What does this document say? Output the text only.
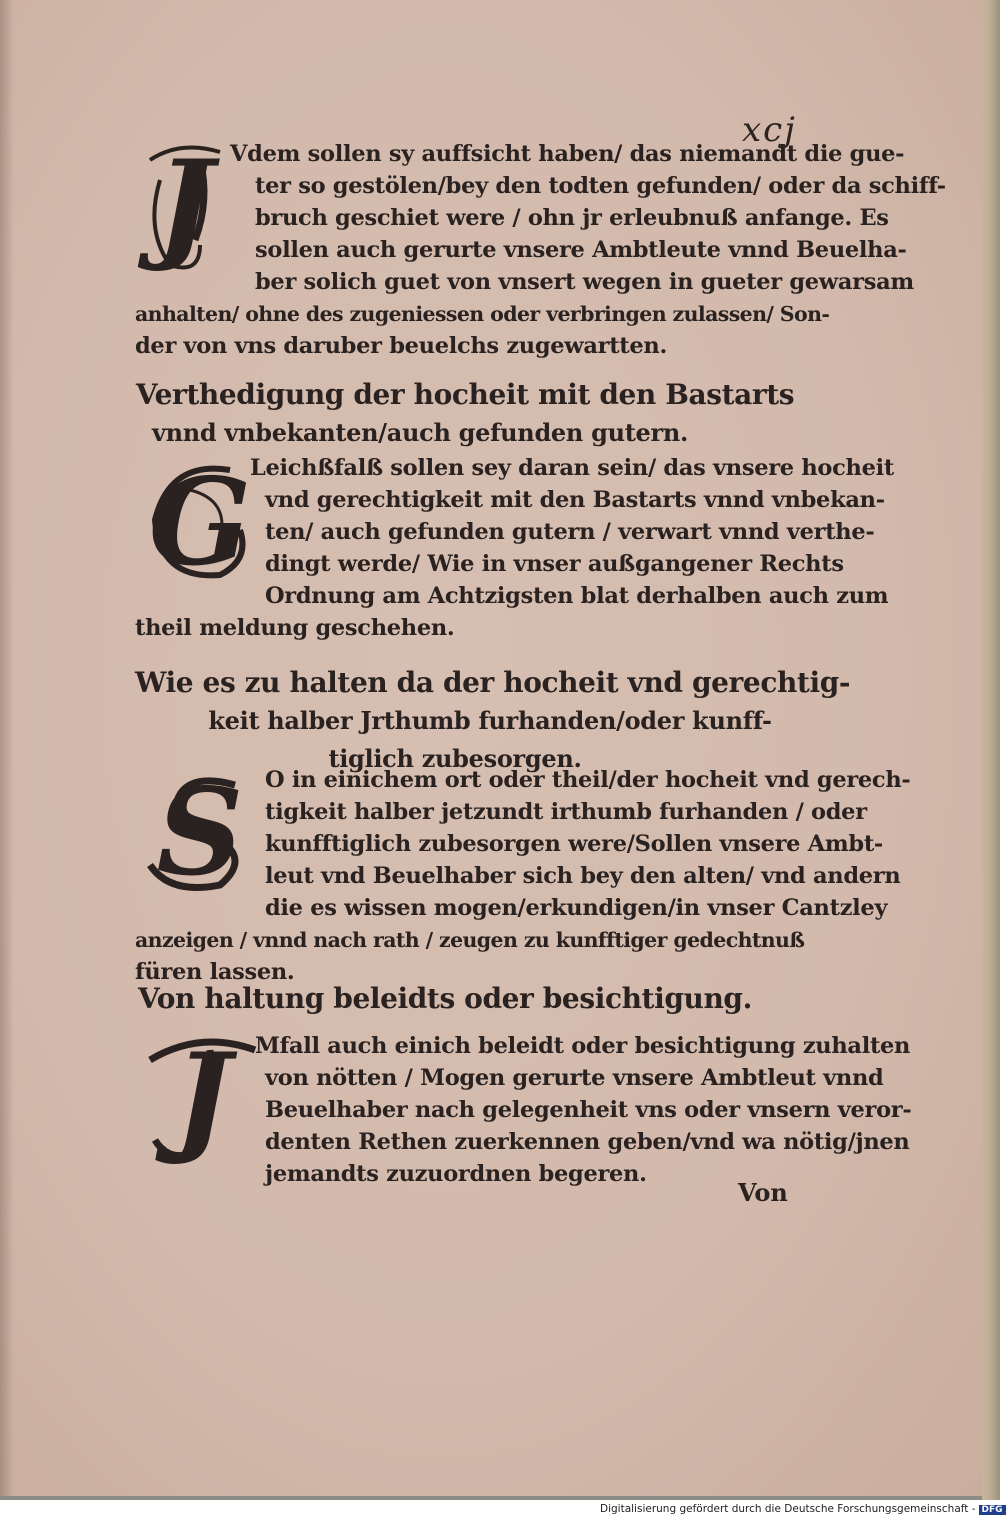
xcj
J Vdem sollen sy auffsicht haben/ das niemandt die gue-
ter so gestölen/bey den todten gefunden/ oder da schiff-
bruch geschiet were / ohn jr erleubnuß anfange. Es
sollen auch gerurte vnsere Ambtleute vnnd Beuelha-
ber solich guet von vnsert wegen in gueter gewarsam
anhalten/ ohne des zugeniessen oder verbringen zulassen/ Son-
der von vns daruber beuelchs zugewartten.
Verthedigung der hocheit mit den Bastarts
vnnd vnbekanten/auch gefunden gutern.
G
Leichßfalß sollen sey daran sein/ das vnsere hocheit
vnd gerechtigkeit mit den Bastarts vnnd vnbekan-
ten/ auch gefunden gutern / verwart vnnd verthe-
dingt werde/ Wie in vnser außgangener Rechts
Ordnung am Achtzigsten blat derhalben auch zum
theil meldung geschehen.
Wie es zu halten da der hocheit vnd gerechtig-
keit halber Jrthumb furhanden/oder kunff-
tiglich zubesorgen.
S O in einichem ort oder theil/der hocheit vnd gerech-
tigkeit halber jetzundt irthumb furhanden / oder
kunfftiglich zubesorgen were/Sollen vnsere Ambt-
leut vnd Beuelhaber sich bey den alten/ vnd andern
die es wissen mogen/erkundigen/in vnser Cantzley
anzeigen / vnnd nach rath / zeugen zu kunfftiger gedechtnuß
füren lassen.
Von haltung beleidts oder besichtigung.
J	Mfall auch einich beleidt oder besichtigung zuhalten
von nötten / Mogen gerurte vnsere Ambtleut vnnd
Beuelhaber nach gelegenheit vns oder vnsern veror-
denten Rethen zuerkennen geben/vnd wa nötig/jnen
jemandts zuzuordnen begeren.
Von
Digitalisierung gefördert durch die Deutsche Forschungsgemeinschaft - DFG
